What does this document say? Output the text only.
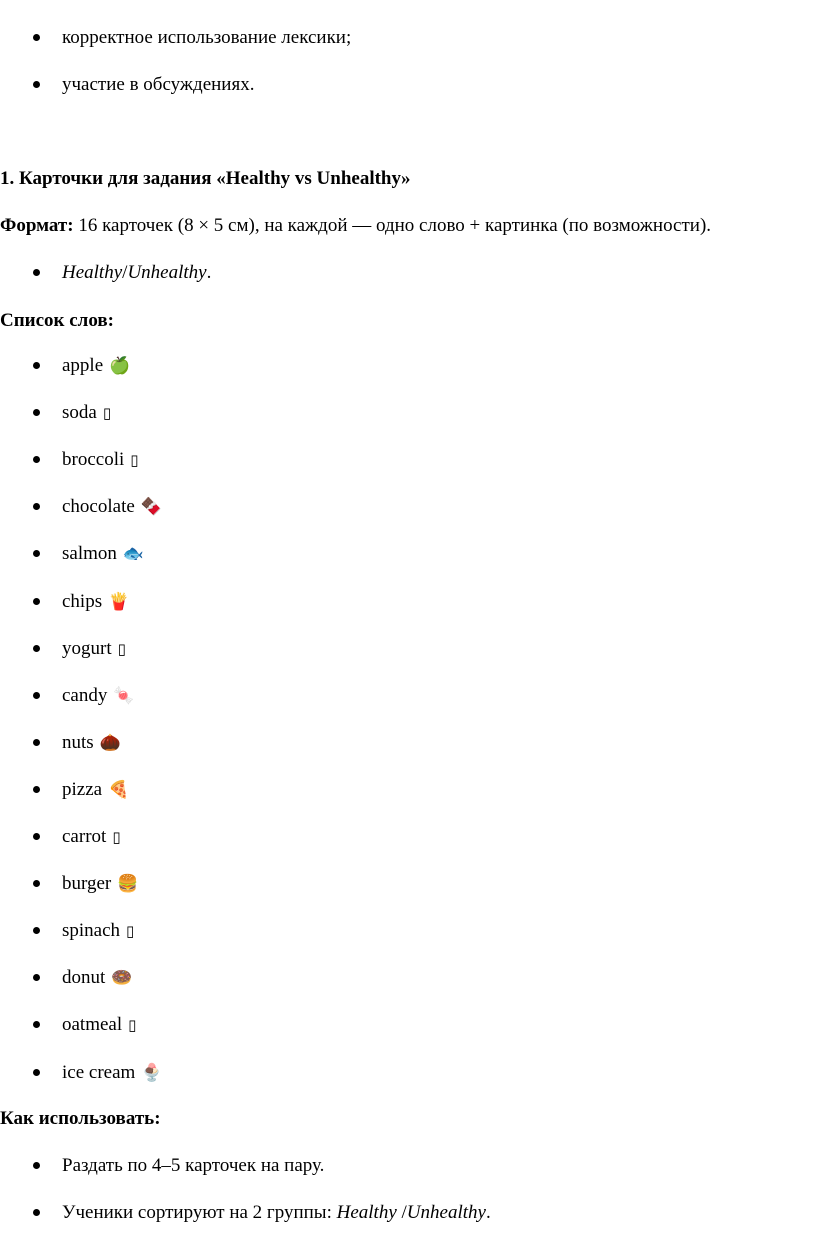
корректное использование лексики;
участие в обсуждениях.
1. Карточки для задания «Healthy vs Unhealthy»
Формат: 16 карточек (8 × 5 см), на каждой — одно слово + картинка (по возможности).
Healthy/Unhealthy.
Список слов:
apple 🍏
soda ▯
broccoli ▯
chocolate 🍫
salmon 🐟
chips 🍟
yogurt ▯
candy 🍬
nuts 🌰
pizza 🍕
carrot ▯
burger 🍔
spinach ▯
donut 🍩
oatmeal ▯
ice cream 🍨
Как использовать:
Раздать по 4–5 карточек на пару.
Ученики сортируют на 2 группы: Healthy /Unhealthy.
